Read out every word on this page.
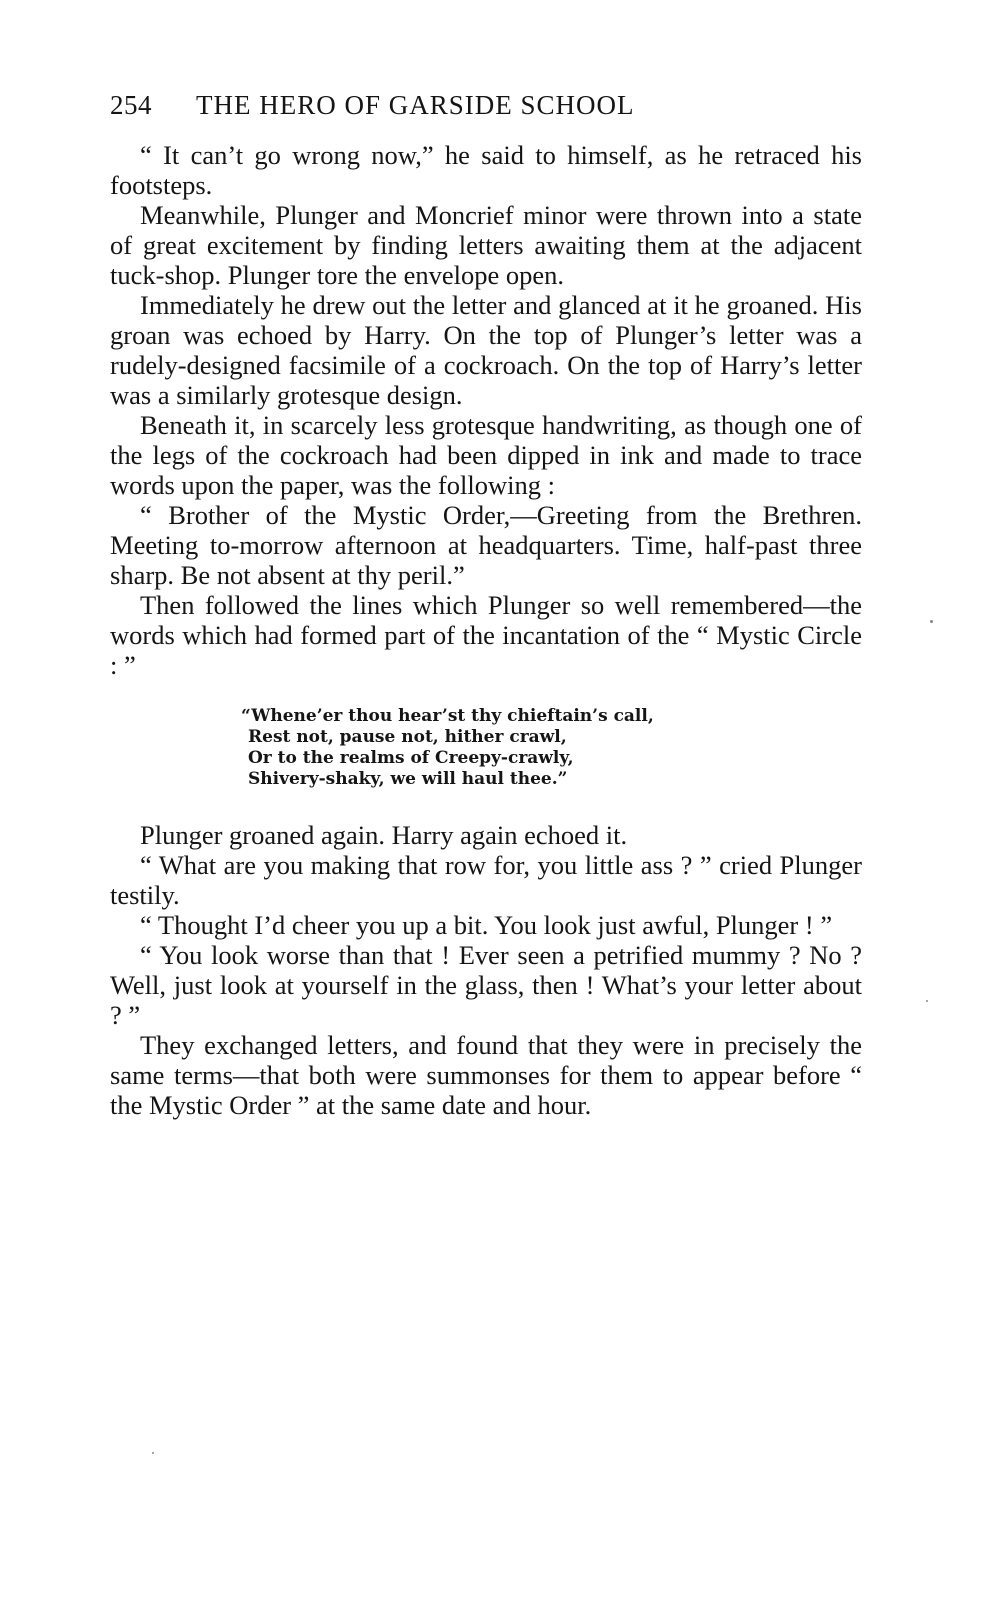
254 THE HERO OF GARSIDE SCHOOL

“ It can’t go wrong now,” he said to himself, as he retraced his footsteps.

Meanwhile, Plunger and Moncrief minor were thrown into a state of great excitement by finding letters awaiting them at the adjacent tuck-shop. Plunger tore the envelope open.

Immediately he drew out the letter and glanced at it he groaned. His groan was echoed by Harry. On the top of Plunger’s letter was a rudely-designed facsimile of a cockroach. On the top of Harry’s letter was a similarly grotesque design.

Beneath it, in scarcely less grotesque handwriting, as though one of the legs of the cockroach had been dipped in ink and made to trace words upon the paper, was the following :

“ Brother of the Mystic Order,—Greeting from the Brethren. Meeting to-morrow afternoon at headquarters. Time, half-past three sharp. Be not absent at thy peril.”

Then followed the lines which Plunger so well remembered—the words which had formed part of the incantation of the “ Mystic Circle : ”

“Whene’er thou hear’st thy chieftain’s call,
Rest not, pause not, hither crawl,
Or to the realms of Creepy-crawly,
Shivery-shaky, we will haul thee.”

Plunger groaned again. Harry again echoed it.

“ What are you making that row for, you little ass ? ” cried Plunger testily.

“ Thought I’d cheer you up a bit. You look just awful, Plunger ! ”

“ You look worse than that ! Ever seen a petrified mummy ? No ? Well, just look at yourself in the glass, then ! What’s your letter about ? ”

They exchanged letters, and found that they were in precisely the same terms—that both were summonses for them to appear before “ the Mystic Order ” at the same date and hour.
